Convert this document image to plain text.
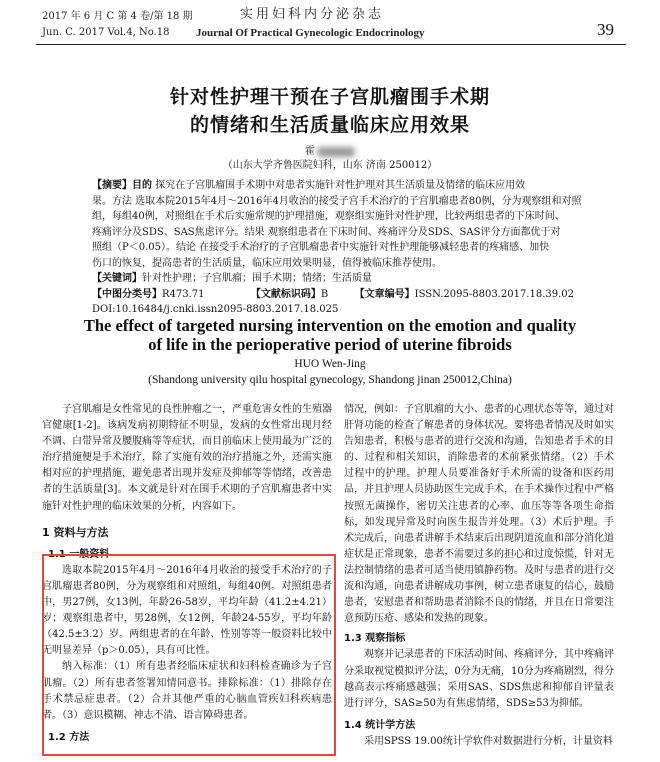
2017 年 6 月 C 第 4 卷/第 18 期
Jun. C. 2017 Vol.4, No.18
实用妇科内分泌杂志
Journal Of Practical Gynecologic Endocrinology	39
针对性护理干预在子宫肌瘤围手术期
的情绪和生活质量临床应用效果
霍
（山东大学齐鲁医院妇科，山东 济南 250012）
【摘要】目的 探究在子宫肌瘤围手术期中对患者实施针对性护理对其生活质量及情绪的临床应用效
果。方法 选取本院2015年4月～2016年4月收治的接受子宫手术治疗的子宫肌瘤患者80例，分为观察组和对照
组，每组40例，对照组在手术后实施常规的护理措施，观察组实施针对性护理，比较两组患者的下床时间、
疼痛评分及SDS、SAS焦虑评分。结果 观察组患者在下床时间、疼痛评分及SDS、SAS评分方面都优于对
照组（P＜0.05）。结论 在接受手术治疗的子宫肌瘤患者中实施针对性护理能够减轻患者的疼痛感、加快
伤口的恢复，提高患者的生活质量，临床应用效果明显，值得被临床推荐使用。
【关键词】针对性护理；子宫肌瘤；围手术期；情绪；生活质量
【中图分类号】R473.71	【文献标识码】B	【文章编号】ISSN.2095-8803.2017.18.39.02
DOI:10.16484/j.cnki.issn2095-8803.2017.18.025
The effect of targeted nursing intervention on the emotion and quality
of life in the perioperative period of uterine fibroids
HUO Wen-Jing
(Shandong university qilu hospital gynecology, Shandong jinan 250012,China)

子宫肌瘤是女性常见的良性肿瘤之一，严重危害女性的生殖器官健康[1-2]。该病发病初期特征不明显，发病的女性常出现月经不调、白带异常及腰腹痛等等症状，而目前临床上使用最为广泛的治疗措施便是手术治疗，除了实施有效的治疗措施之外，还需实施相对应的护理措施，避免患者出现并发症及抑郁等等情绪，改善患者的生活质量[3]。本文就是针对在围手术期的子宫肌瘤患者中实施针对性护理的临床效果的分析，内容如下。

1 资料与方法
1.1 一般资料

选取本院2015年4月～2016年4月收治的接受手术治疗的子宫肌瘤患者80例，分为观察组和对照组，每组40例。对照组患者中，男27例，女13例，年龄26-58岁，平均年龄（41.2±4.21）岁；观察组患者中，男28例，女12例，年龄24-55岁，平均年龄（42.5±3.2）岁。两组患者的在年龄、性别等等一般资料比较中无明显差异（p＞0.05），具有可比性。

纳入标准：（1）所有患者经临床症状和妇科检查确诊为子宫肌瘤。（2）所有患者签署知情同意书。排除标准：（1）排除存在手术禁忌症患者。（2）合并其他严重的心脑血管疾妇科疾病患者。（3）意识模糊、神志不清、语言障碍患者。

1.2 方法

情况，例如：子宫肌瘤的大小、患者的心理状态等等，通过对肝肾功能的检查了解患者的身体状况。要将患者情况及时如实告知患者，积极与患者的进行交流和沟通，告知患者手术的目的、过程和相关知识，消除患者的术前紧张情绪。（2）手术过程中的护理。护理人员要准备好手术所需的设备和医药用品，并且护理人员协助医生完成手术，在手术操作过程中严格按照无菌操作，密切关注患者的心率、血压等等各项生命指标，如发现异常及时向医生报告并处理。（3）术后护理。手术完成后，向患者讲解手术结束后出现阴道流血和部分消化道症状是正常现象，患者不需要过多的担心和过度惊慌，针对无法控制情绪的患者可适当使用镇静药物。及时与患者的进行交流和沟通，向患者讲解成功事例，树立患者康复的信心，鼓励患者，安慰患者和帮助患者消除不良的情绪，并且在日常要注意预防压疮、感染和发热的现象。

1.3 观察指标

观察并记录患者的下床活动时间、疼痛评分，其中疼痛评分采取视觉模拟评分法，0分为无痛，10分为疼痛剧烈，得分越高表示疼痛感越强；采用SAS、SDS焦虑和抑郁自评量表进行评分，SAS≥50为有焦虑情绪，SDS≥53为抑郁。

1.4 统计学方法

采用SPSS 19.00统计学软件对数据进行分析，计量资料
